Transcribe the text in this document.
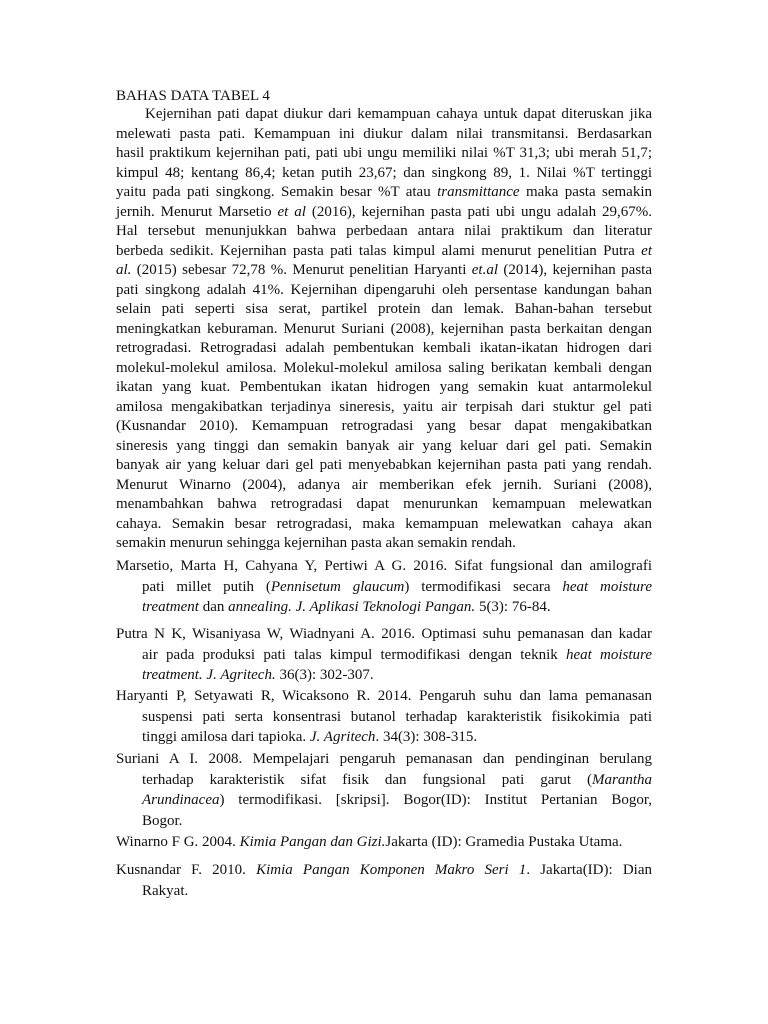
BAHAS DATA TABEL 4
Kejernihan pati dapat diukur dari kemampuan cahaya untuk dapat diteruskan jika
melewati pasta pati. Kemampuan ini diukur dalam nilai transmitansi. Berdasarkan
hasil praktikum kejernihan pati, pati ubi ungu memiliki nilai %T 31,3; ubi merah 51,7;
kimpul 48; kentang 86,4; ketan putih 23,67; dan singkong 89, 1. Nilai %T tertinggi
yaitu pada pati singkong. Semakin besar %T atau transmittance maka pasta semakin
jernih. Menurut Marsetio et al (2016), kejernihan pasta pati ubi ungu adalah 29,67%.
Hal tersebut menunjukkan bahwa perbedaan antara nilai praktikum dan literatur
berbeda sedikit. Kejernihan pasta pati talas kimpul alami menurut penelitian Putra et
al. (2015) sebesar 72,78 %. Menurut penelitian Haryanti et.al (2014), kejernihan pasta
pati singkong adalah 41%. Kejernihan dipengaruhi oleh persentase kandungan bahan
selain pati seperti sisa serat, partikel protein dan lemak. Bahan-bahan tersebut
meningkatkan keburaman. Menurut Suriani (2008), kejernihan pasta berkaitan dengan
retrogradasi. Retrogradasi adalah pembentukan kembali ikatan-ikatan hidrogen dari
molekul-molekul amilosa. Molekul-molekul amilosa saling berikatan kembali dengan
ikatan yang kuat. Pembentukan ikatan hidrogen yang semakin kuat antarmolekul
amilosa mengakibatkan terjadinya sineresis, yaitu air terpisah dari stuktur gel pati
(Kusnandar 2010). Kemampuan retrogradasi yang besar dapat mengakibatkan
sineresis yang tinggi dan semakin banyak air yang keluar dari gel pati. Semakin
banyak air yang keluar dari gel pati menyebabkan kejernihan pasta pati yang rendah.
Menurut Winarno (2004), adanya air memberikan efek jernih. Suriani (2008),
menambahkan bahwa retrogradasi dapat menurunkan kemampuan melewatkan
cahaya. Semakin besar retrogradasi, maka kemampuan melewatkan cahaya akan
semakin menurun sehingga kejernihan pasta akan semakin rendah.
Marsetio, Marta H, Cahyana Y, Pertiwi A G. 2016. Sifat fungsional dan amilografi
pati millet putih (Pennisetum glaucum) termodifikasi secara heat moisture
treatment dan annealing. J. Aplikasi Teknologi Pangan. 5(3): 76-84.
Putra N K, Wisaniyasa W, Wiadnyani A. 2016. Optimasi suhu pemanasan dan kadar
air pada produksi pati talas kimpul termodifikasi dengan teknik heat moisture
treatment. J. Agritech. 36(3): 302-307.
Haryanti P, Setyawati R, Wicaksono R. 2014. Pengaruh suhu dan lama pemanasan
suspensi pati serta konsentrasi butanol terhadap karakteristik fisikokimia pati
tinggi amilosa dari tapioka. J. Agritech. 34(3): 308-315.
Suriani A I. 2008. Mempelajari pengaruh pemanasan dan pendinginan berulang
terhadap karakteristik sifat fisik dan fungsional pati garut (Marantha
Arundinacea) termodifikasi. [skripsi]. Bogor(ID): Institut Pertanian Bogor,
Bogor.
Winarno F G. 2004. Kimia Pangan dan Gizi.Jakarta (ID): Gramedia Pustaka Utama.
Kusnandar F. 2010. Kimia Pangan Komponen Makro Seri 1. Jakarta(ID): Dian
Rakyat.
